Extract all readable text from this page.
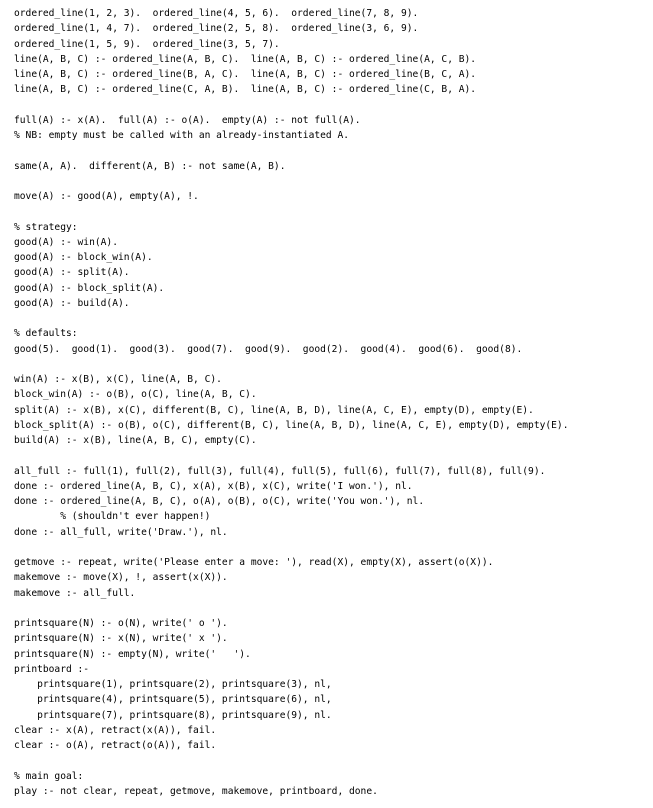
ordered_line(1, 2, 3).  ordered_line(4, 5, 6).  ordered_line(7, 8, 9).
ordered_line(1, 4, 7).  ordered_line(2, 5, 8).  ordered_line(3, 6, 9).
ordered_line(1, 5, 9).  ordered_line(3, 5, 7).
line(A, B, C) :- ordered_line(A, B, C).  line(A, B, C) :- ordered_line(A, C, B).
line(A, B, C) :- ordered_line(B, A, C).  line(A, B, C) :- ordered_line(B, C, A).
line(A, B, C) :- ordered_line(C, A, B).  line(A, B, C) :- ordered_line(C, B, A).
full(A) :- x(A).  full(A) :- o(A).  empty(A) :- not full(A).
% NB: empty must be called with an already-instantiated A.
same(A, A).  different(A, B) :- not same(A, B).
move(A) :- good(A), empty(A), !.
% strategy:
good(A) :- win(A).
good(A) :- block_win(A).
good(A) :- split(A).
good(A) :- block_split(A).
good(A) :- build(A).
% defaults:
good(5).  good(1).  good(3).  good(7).  good(9).  good(2).  good(4).  good(6).  good(8).
win(A) :- x(B), x(C), line(A, B, C).
block_win(A) :- o(B), o(C), line(A, B, C).
split(A) :- x(B), x(C), different(B, C), line(A, B, D), line(A, C, E), empty(D), empty(E).
block_split(A) :- o(B), o(C), different(B, C), line(A, B, D), line(A, C, E), empty(D), empty(E).
build(A) :- x(B), line(A, B, C), empty(C).
all_full :- full(1), full(2), full(3), full(4), full(5), full(6), full(7), full(8), full(9).
done :- ordered_line(A, B, C), x(A), x(B), x(C), write('I won.'), nl.
done :- ordered_line(A, B, C), o(A), o(B), o(C), write('You won.'), nl.
% (shouldn't ever happen!)
done :- all_full, write('Draw.'), nl.
getmove :- repeat, write('Please enter a move: '), read(X), empty(X), assert(o(X)).
makemove :- move(X), !, assert(x(X)).
makemove :- all_full.
printsquare(N) :- o(N), write(' o ').
printsquare(N) :- x(N), write(' x ').
printsquare(N) :- empty(N), write('   ').
printboard :-
printsquare(1), printsquare(2), printsquare(3), nl,
printsquare(4), printsquare(5), printsquare(6), nl,
printsquare(7), printsquare(8), printsquare(9), nl.
clear :- x(A), retract(x(A)), fail.
clear :- o(A), retract(o(A)), fail.
% main goal:
play :- not clear, repeat, getmove, makemove, printboard, done.
